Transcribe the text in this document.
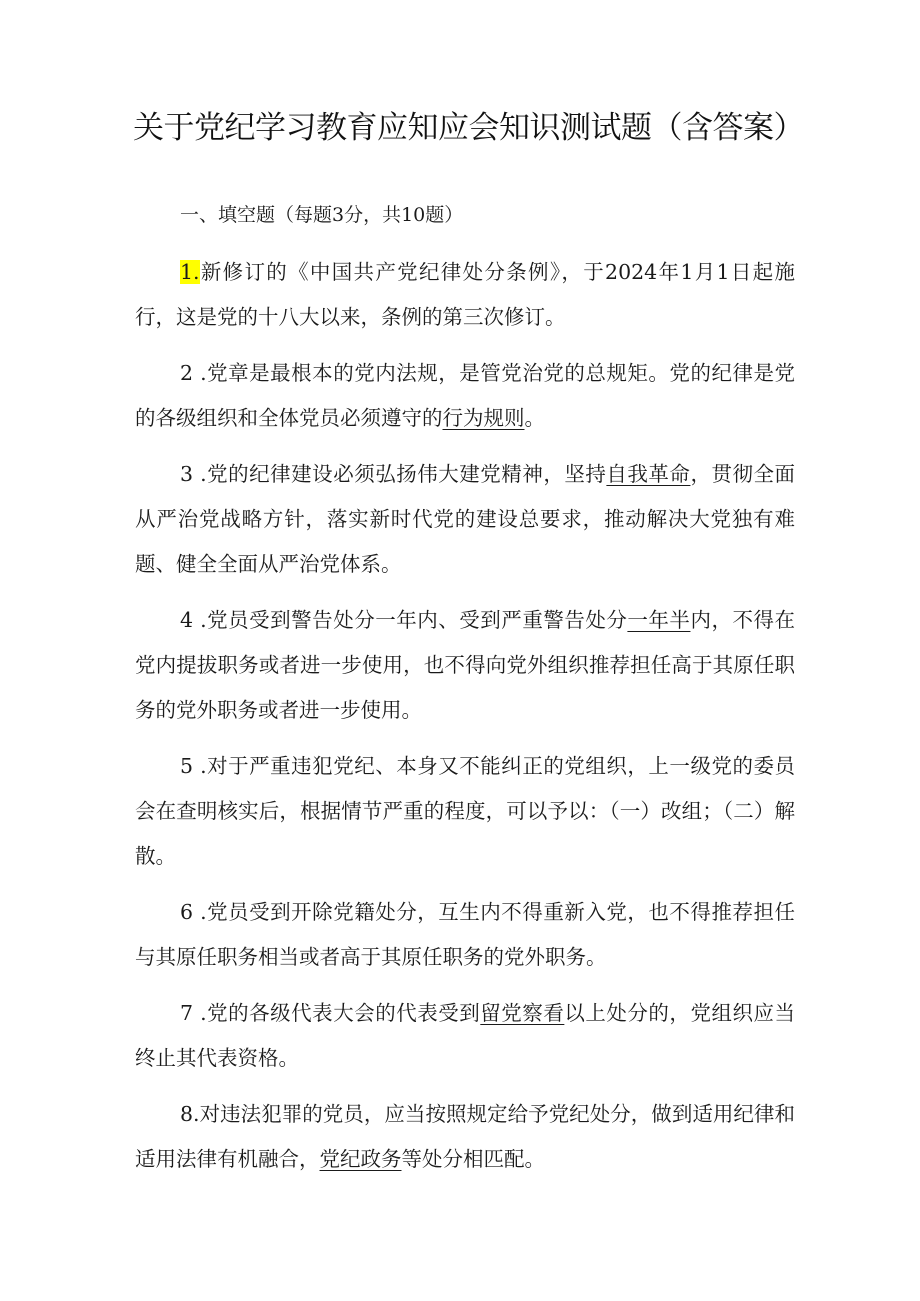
关于党纪学习教育应知应会知识测试题（含答案）
一、填空题（每题3分，共10题）

1.新修订的《中国共产党纪律处分条例》，于2024年1月1日起施行，这是党的十八大以来，条例的第三次修订。

2 .党章是最根本的党内法规，是管党治党的总规矩。党的纪律是党的各级组织和全体党员必须遵守的行为规则。

3 .党的纪律建设必须弘扬伟大建党精神，坚持自我革命，贯彻全面从严治党战略方针，落实新时代党的建设总要求，推动解决大党独有难题、健全全面从严治党体系。

4 .党员受到警告处分一年内、受到严重警告处分一年半内，不得在党内提拔职务或者进一步使用，也不得向党外组织推荐担任高于其原任职务的党外职务或者进一步使用。

5 .对于严重违犯党纪、本身又不能纠正的党组织，上一级党的委员会在查明核实后，根据情节严重的程度，可以予以：（一）改组；（二）解散。

6 .党员受到开除党籍处分，互生内不得重新入党，也不得推荐担任与其原任职务相当或者高于其原任职务的党外职务。

7 .党的各级代表大会的代表受到留党察看以上处分的，党组织应当终止其代表资格。

8.对违法犯罪的党员，应当按照规定给予党纪处分，做到适用纪律和适用法律有机融合，党纪政务等处分相匹配。
